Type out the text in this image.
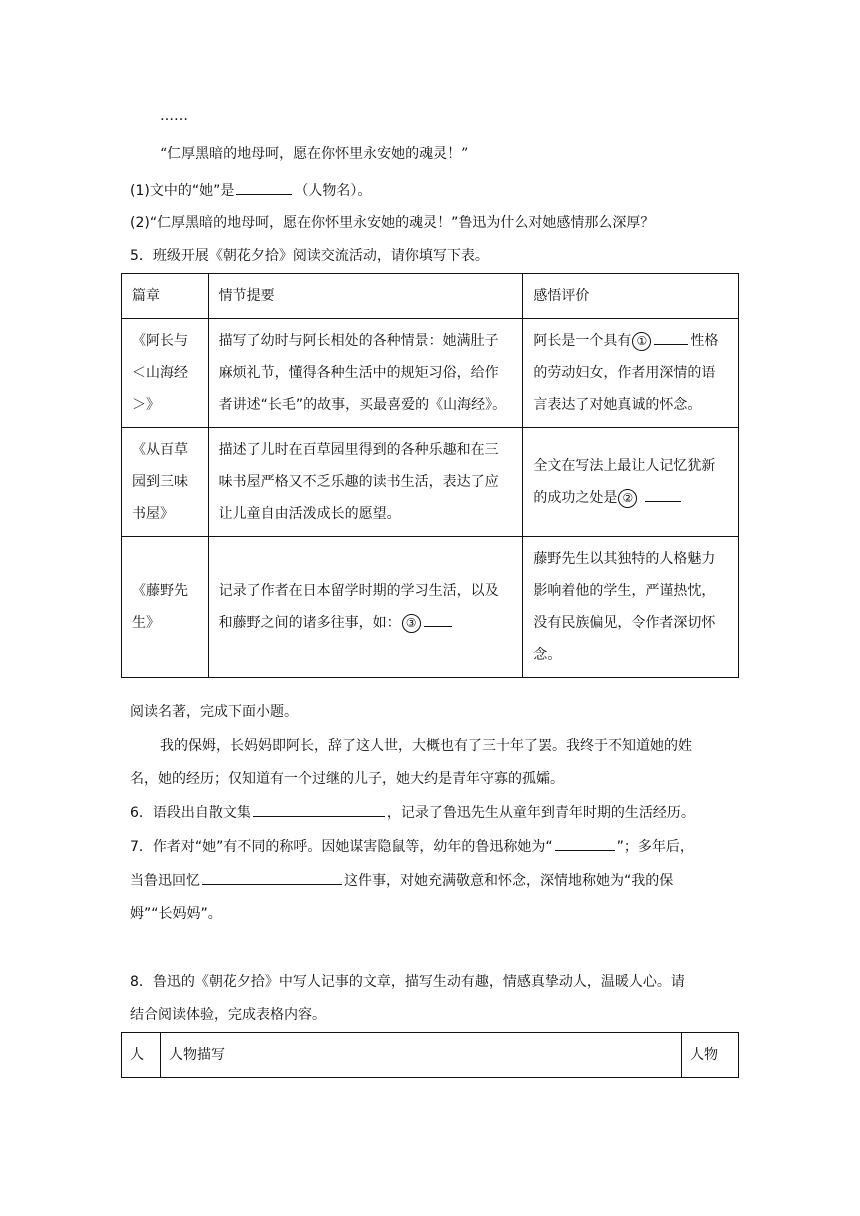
……
“仁厚黑暗的地母呵，愿在你怀里永安她的魂灵！”
(1)文中的“她”是	（人物名）。
(2)“仁厚黑暗的地母呵，愿在你怀里永安她的魂灵！”鲁迅为什么对她感情那么深厚？
5．班级开展《朝花夕拾》阅读交流活动，请你填写下表。
篇章	情节提要	感悟评价
《阿长与＜山海经＞》	描写了幼时与阿长相处的各种情景：她满肚子麻烦礼节，懂得各种生活中的规矩习俗，给作者讲述“长毛”的故事，买最喜爱的《山海经》。	阿长是一个具有 ① 性格的劳动妇女，作者用深情的语言表达了对她真诚的怀念。
《从百草园到三味书屋》	描述了儿时在百草园里得到的各种乐趣和在三味书屋严格又不乏乐趣的读书生活，表达了应让儿童自由活泼成长的愿望。	全文在写法上最让人记忆犹新的成功之处是 ②
《藤野先生》	记录了作者在日本留学时期的学习生活，以及和藤野之间的诸多往事，如： ③	藤野先生以其独特的人格魅力影响着他的学生，严谨热忱，没有民族偏见，令作者深切怀念。
阅读名著，完成下面小题。
我的保姆，长妈妈即阿长，辞了这人世，大概也有了三十年了罢。我终于不知道她的姓
名，她的经历；仅知道有一个过继的儿子，她大约是青年守寡的孤孀。
6．语段出自散文集	，记录了鲁迅先生从童年到青年时期的生活经历。
7．作者对“她”有不同的称呼。因她谋害隐鼠等，幼年的鲁迅称她为“	”；多年后，
当鲁迅回忆	这件事，对她充满敬意和怀念，深情地称她为“我的保
姆”“长妈妈”。
8．鲁迅的《朝花夕拾》中写人记事的文章，描写生动有趣，情感真挚动人，温暖人心。请
结合阅读体验，完成表格内容。
人	人物描写	人物
